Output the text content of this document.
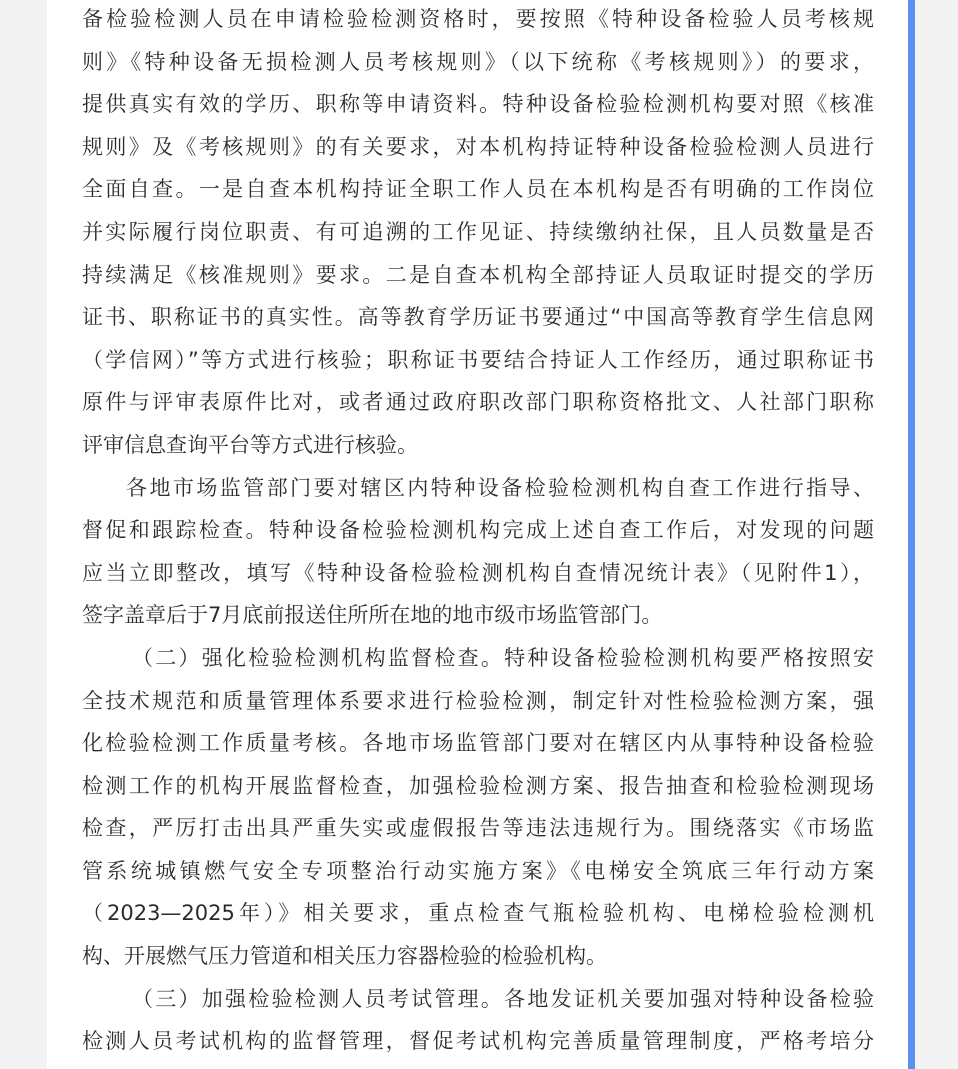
备检验检测人员在申请检验检测资格时，要按照《特种设备检验人员考核规
则》《特种设备无损检测人员考核规则》（以下统称《考核规则》）的要求，
提供真实有效的学历、职称等申请资料。特种设备检验检测机构要对照《核准
规则》及《考核规则》的有关要求，对本机构持证特种设备检验检测人员进行
全面自查。一是自查本机构持证全职工作人员在本机构是否有明确的工作岗位
并实际履行岗位职责、有可追溯的工作见证、持续缴纳社保，且人员数量是否
持续满足《核准规则》要求。二是自查本机构全部持证人员取证时提交的学历
证书、职称证书的真实性。高等教育学历证书要通过“中国高等教育学生信息网
（学信网）”等方式进行核验；职称证书要结合持证人工作经历，通过职称证书
原件与评审表原件比对，或者通过政府职改部门职称资格批文、人社部门职称
评审信息查询平台等方式进行核验。
各地市场监管部门要对辖区内特种设备检验检测机构自查工作进行指导、
督促和跟踪检查。特种设备检验检测机构完成上述自查工作后，对发现的问题
应当立即整改，填写《特种设备检验检测机构自查情况统计表》（见附件1），
签字盖章后于7月底前报送住所所在地的地市级市场监管部门。
（二）强化检验检测机构监督检查。特种设备检验检测机构要严格按照安
全技术规范和质量管理体系要求进行检验检测，制定针对性检验检测方案，强
化检验检测工作质量考核。各地市场监管部门要对在辖区内从事特种设备检验
检测工作的机构开展监督检查，加强检验检测方案、报告抽查和检验检测现场
检查，严厉打击出具严重失实或虚假报告等违法违规行为。围绕落实《市场监
管系统城镇燃气安全专项整治行动实施方案》《电梯安全筑底三年行动方案
（2023—2025年）》相关要求，重点检查气瓶检验机构、电梯检验检测机
构、开展燃气压力管道和相关压力容器检验的检验机构。
（三）加强检验检测人员考试管理。各地发证机关要加强对特种设备检验
检测人员考试机构的监督管理，督促考试机构完善质量管理制度，严格考培分
